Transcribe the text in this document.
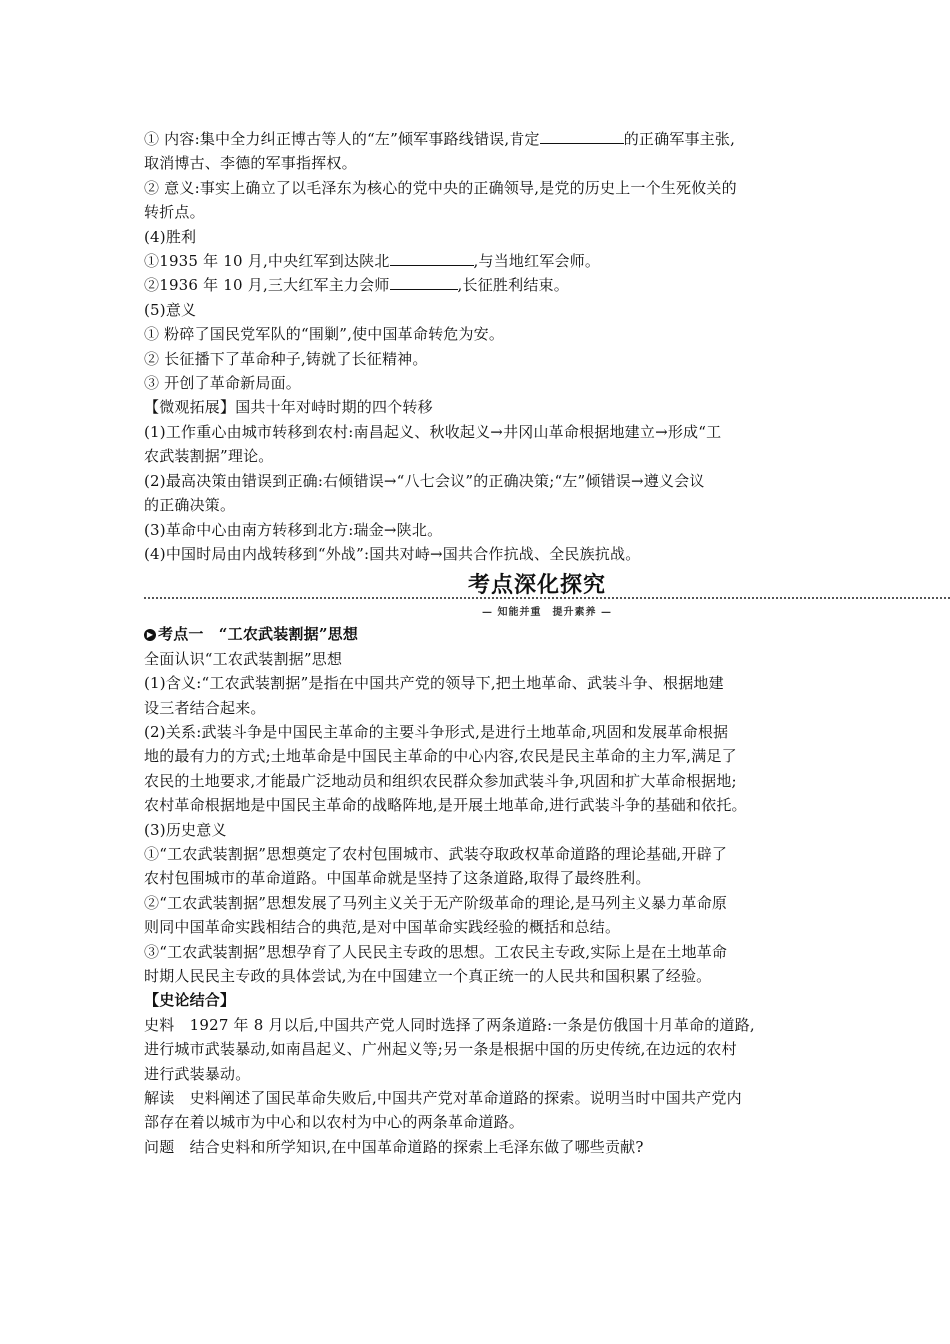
① 内容:集中全力纠正博古等人的“左”倾军事路线错误,肯定	的正确军事主张,
取消博古、李德的军事指挥权。
② 意义:事实上确立了以毛泽东为核心的党中央的正确领导,是党的历史上一个生死攸关的
转折点。
(4)胜利
①1935 年 10 月,中央红军到达陕北	,与当地红军会师。
②1936 年 10 月,三大红军主力会师	,长征胜利结束。
(5)意义
① 粉碎了国民党军队的“围剿”,使中国革命转危为安。
② 长征播下了革命种子,铸就了长征精神。
③ 开创了革命新局面。
【微观拓展】国共十年对峙时期的四个转移
(1)工作重心由城市转移到农村:南昌起义、秋收起义→井冈山革命根据地建立→形成“工
农武装割据”理论。
(2)最高决策由错误到正确:右倾错误→“八七会议”的正确决策;“左”倾错误→遵义会议
的正确决策。
(3)革命中心由南方转移到北方:瑞金→陕北。
(4)中国时局由内战转移到“外战”:国共对峙→国共合作抗战、全民族抗战。
考点深化探究
— 知能并重　提升素养 —
▶ 考点一　“工农武装割据”思想
全面认识“工农武装割据”思想
(1)含义:“工农武装割据”是指在中国共产党的领导下,把土地革命、武装斗争、根据地建
设三者结合起来。
(2)关系:武装斗争是中国民主革命的主要斗争形式,是进行土地革命,巩固和发展革命根据
地的最有力的方式;土地革命是中国民主革命的中心内容,农民是民主革命的主力军,满足了
农民的土地要求,才能最广泛地动员和组织农民群众参加武装斗争,巩固和扩大革命根据地;
农村革命根据地是中国民主革命的战略阵地,是开展土地革命,进行武装斗争的基础和依托。
(3)历史意义
①“工农武装割据”思想奠定了农村包围城市、武装夺取政权革命道路的理论基础,开辟了
农村包围城市的革命道路。中国革命就是坚持了这条道路,取得了最终胜利。
②“工农武装割据”思想发展了马列主义关于无产阶级革命的理论,是马列主义暴力革命原
则同中国革命实践相结合的典范,是对中国革命实践经验的概括和总结。
③“工农武装割据”思想孕育了人民民主专政的思想。工农民主专政,实际上是在土地革命
时期人民民主专政的具体尝试,为在中国建立一个真正统一的人民共和国积累了经验。
【史论结合】
史料　1927 年 8 月以后,中国共产党人同时选择了两条道路:一条是仿俄国十月革命的道路,
进行城市武装暴动,如南昌起义、广州起义等;另一条是根据中国的历史传统,在边远的农村
进行武装暴动。
解读　史料阐述了国民革命失败后,中国共产党对革命道路的探索。说明当时中国共产党内
部存在着以城市为中心和以农村为中心的两条革命道路。
问题　结合史料和所学知识,在中国革命道路的探索上毛泽东做了哪些贡献?
